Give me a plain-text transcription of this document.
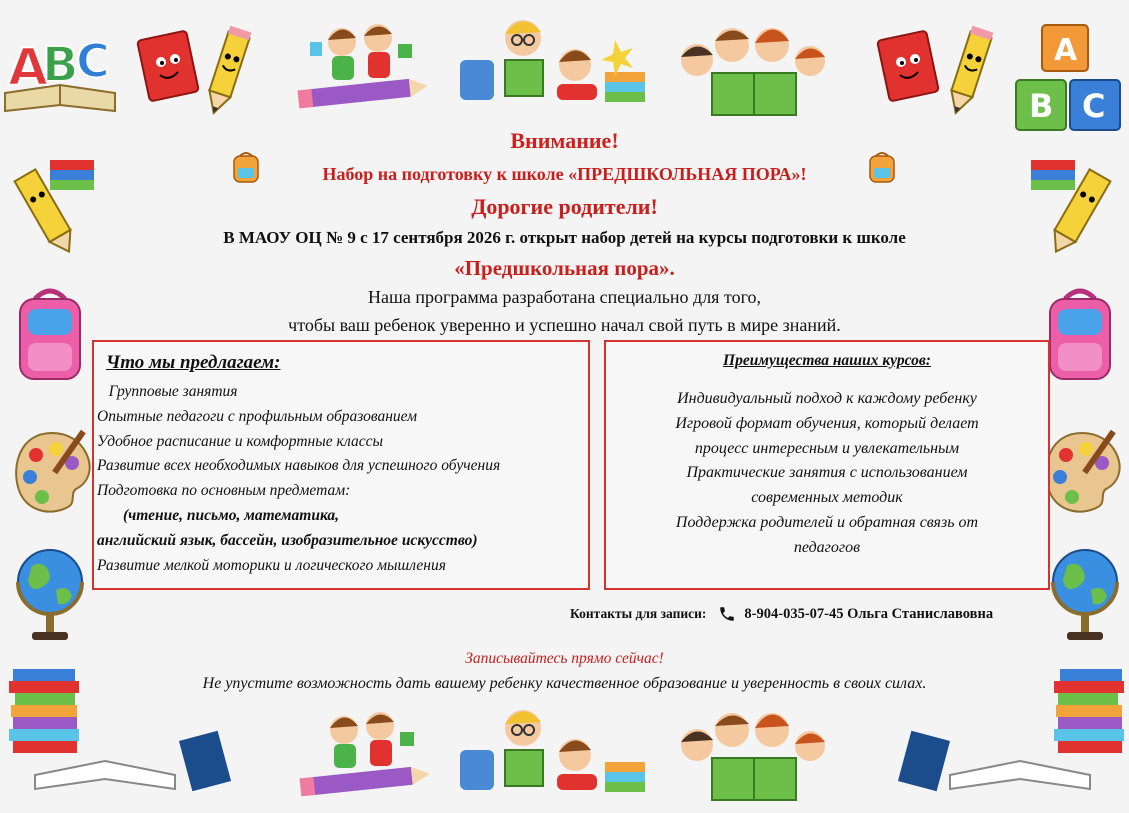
A
B
C	A
B C
Внимание!
Набор на подготовку к школе «ПРЕДШКОЛЬНАЯ ПОРА»!
Дорогие родители!
В МАОУ ОЦ № 9 с 17 сентября 2026 г. открыт набор детей на курсы подготовки к школе
«Предшкольная пора».
Наша программа разработана специально для того,
чтобы ваш ребенок уверенно и успешно начал свой путь в мире знаний.
Что мы предлагаем:
Групповые занятия
Опытные педагоги с профильным образованием
Удобное расписание и комфортные классы
Развитие всех необходимых навыков для успешного обучения
Подготовка по основным предметам:
(чтение, письмо, математика,
английский язык, бассейн, изобразительное искусство)
Развитие мелкой моторики и логического мышления
Преимущества наших курсов:
Индивидуальный подход к каждому ребенку
Игровой формат обучения, который делает
процесс интересным и увлекательным
Практические занятия с использованием
современных методик
Поддержка родителей и обратная связь от
педагогов
Контакты для записи:	8-904-035-07-45 Ольга Станиславовна
Записывайтесь прямо сейчас!
Не упустите возможность дать вашему ребенку качественное образование и уверенность в своих силах.
